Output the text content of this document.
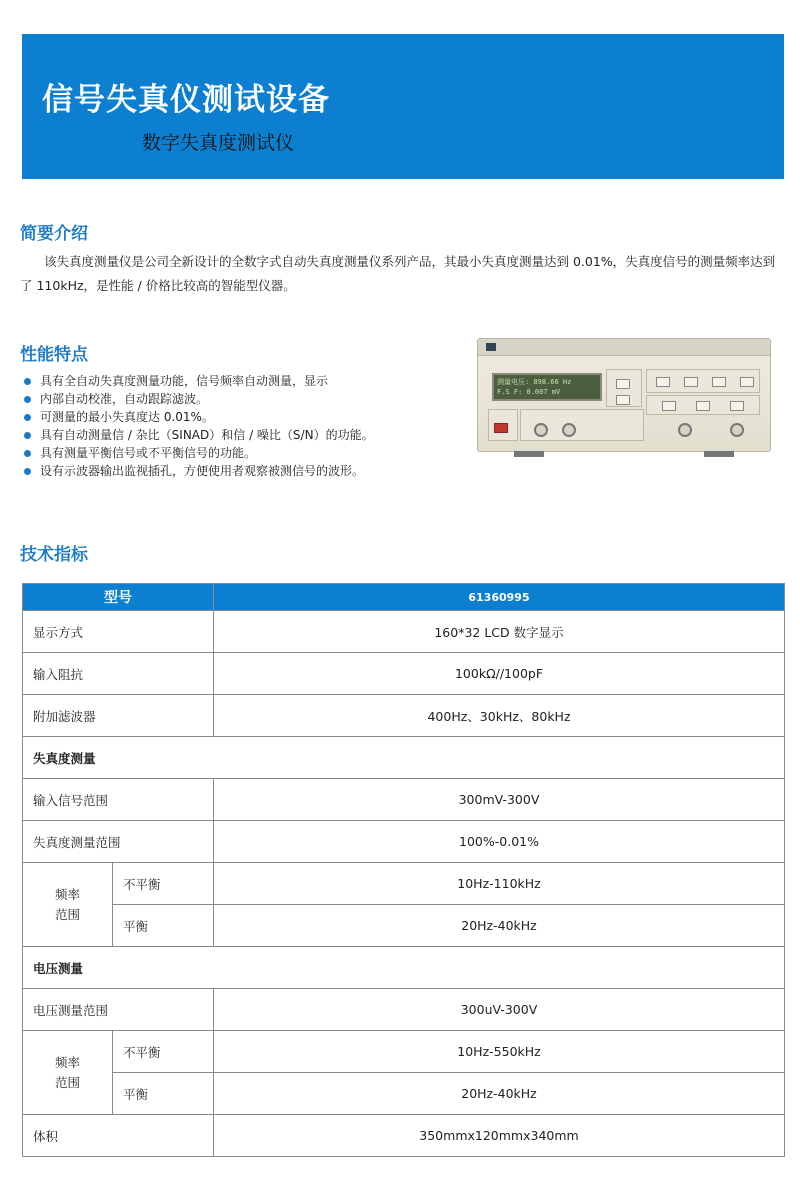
信号失真仪测试设备
数字失真度测试仪
简要介绍
该失真度测量仪是公司全新设计的全数字式自动失真度测量仪系列产品，其最小失真度测量达到 0.01%，失真度信号的测量频率达到了 110kHz，是性能 / 价格比较高的智能型仪器。
性能特点
具有全自动失真度测量功能，信号频率自动测量，显示
内部自动校准，自动跟踪滤波。
可测量的最小失真度达 0.01%。
具有自动测量信 / 杂比（SINAD）和信 / 噪比（S/N）的功能。
具有测量平衡信号或不平衡信号的功能。
设有示波器输出监视插孔，方便使用者观察被测信号的波形。
测量电压: 898.66 Hz
F.S F: 0.007 mV
技术指标
型号		61360995
显示方式		160*32 LCD 数字显示
输入阻抗		100kΩ//100pF
附加滤波器		400Hz、30kHz、80kHz
失真度测量		
输入信号范围		300mV-300V
失真度测量范围		100%-0.01%
频率
范围	不平衡	10Hz-110kHz
	平衡	20Hz-40kHz
电压测量		
电压测量范围		300uV-300V
频率
范围	不平衡	10Hz-550kHz
	平衡	20Hz-40kHz
体积		350mmx120mmx340mm
